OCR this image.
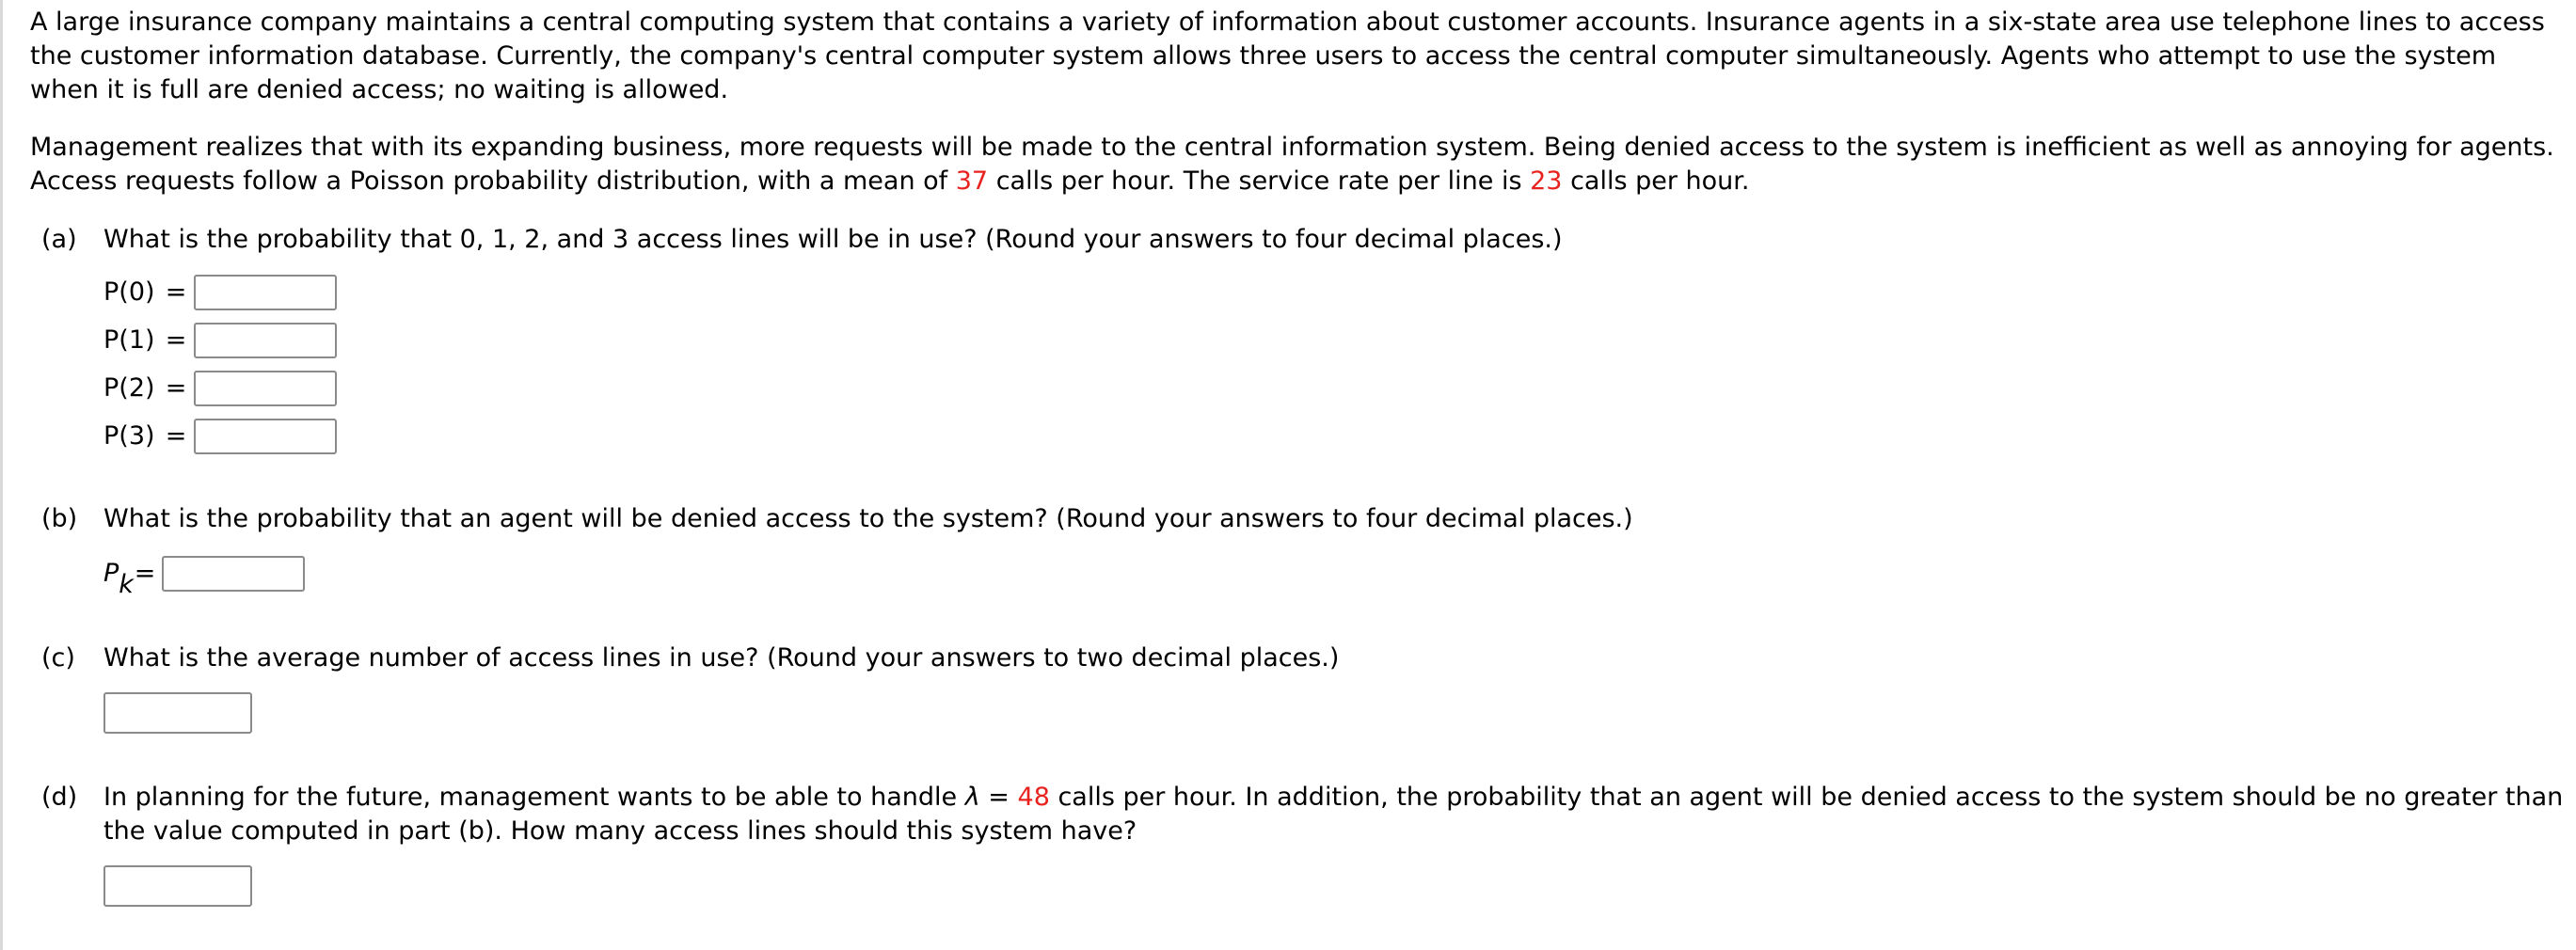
A large insurance company maintains a central computing system that contains a variety of information about customer accounts. Insurance agents in a six-state area use telephone lines to access the customer information database. Currently, the company's central computer system allows three users to access the central computer simultaneously. Agents who attempt to use the system when it is full are denied access; no waiting is allowed.

Management realizes that with its expanding business, more requests will be made to the central information system. Being denied access to the system is inefficient as well as annoying for agents. Access requests follow a Poisson probability distribution, with a mean of 37 calls per hour. The service rate per line is 23 calls per hour.

(a) What is the probability that 0, 1, 2, and 3 access lines will be in use? (Round your answers to four decimal places.)
P(0) =
P(1) =
P(2) =
P(3) =
(b) What is the probability that an agent will be denied access to the system? (Round your answers to four decimal places.)
Pk =
(c) What is the average number of access lines in use? (Round your answers to two decimal places.)
(d) In planning for the future, management wants to be able to handle λ = 48 calls per hour. In addition, the probability that an agent will be denied access to the system should be no greater than the value computed in part (b). How many access lines should this system have?
